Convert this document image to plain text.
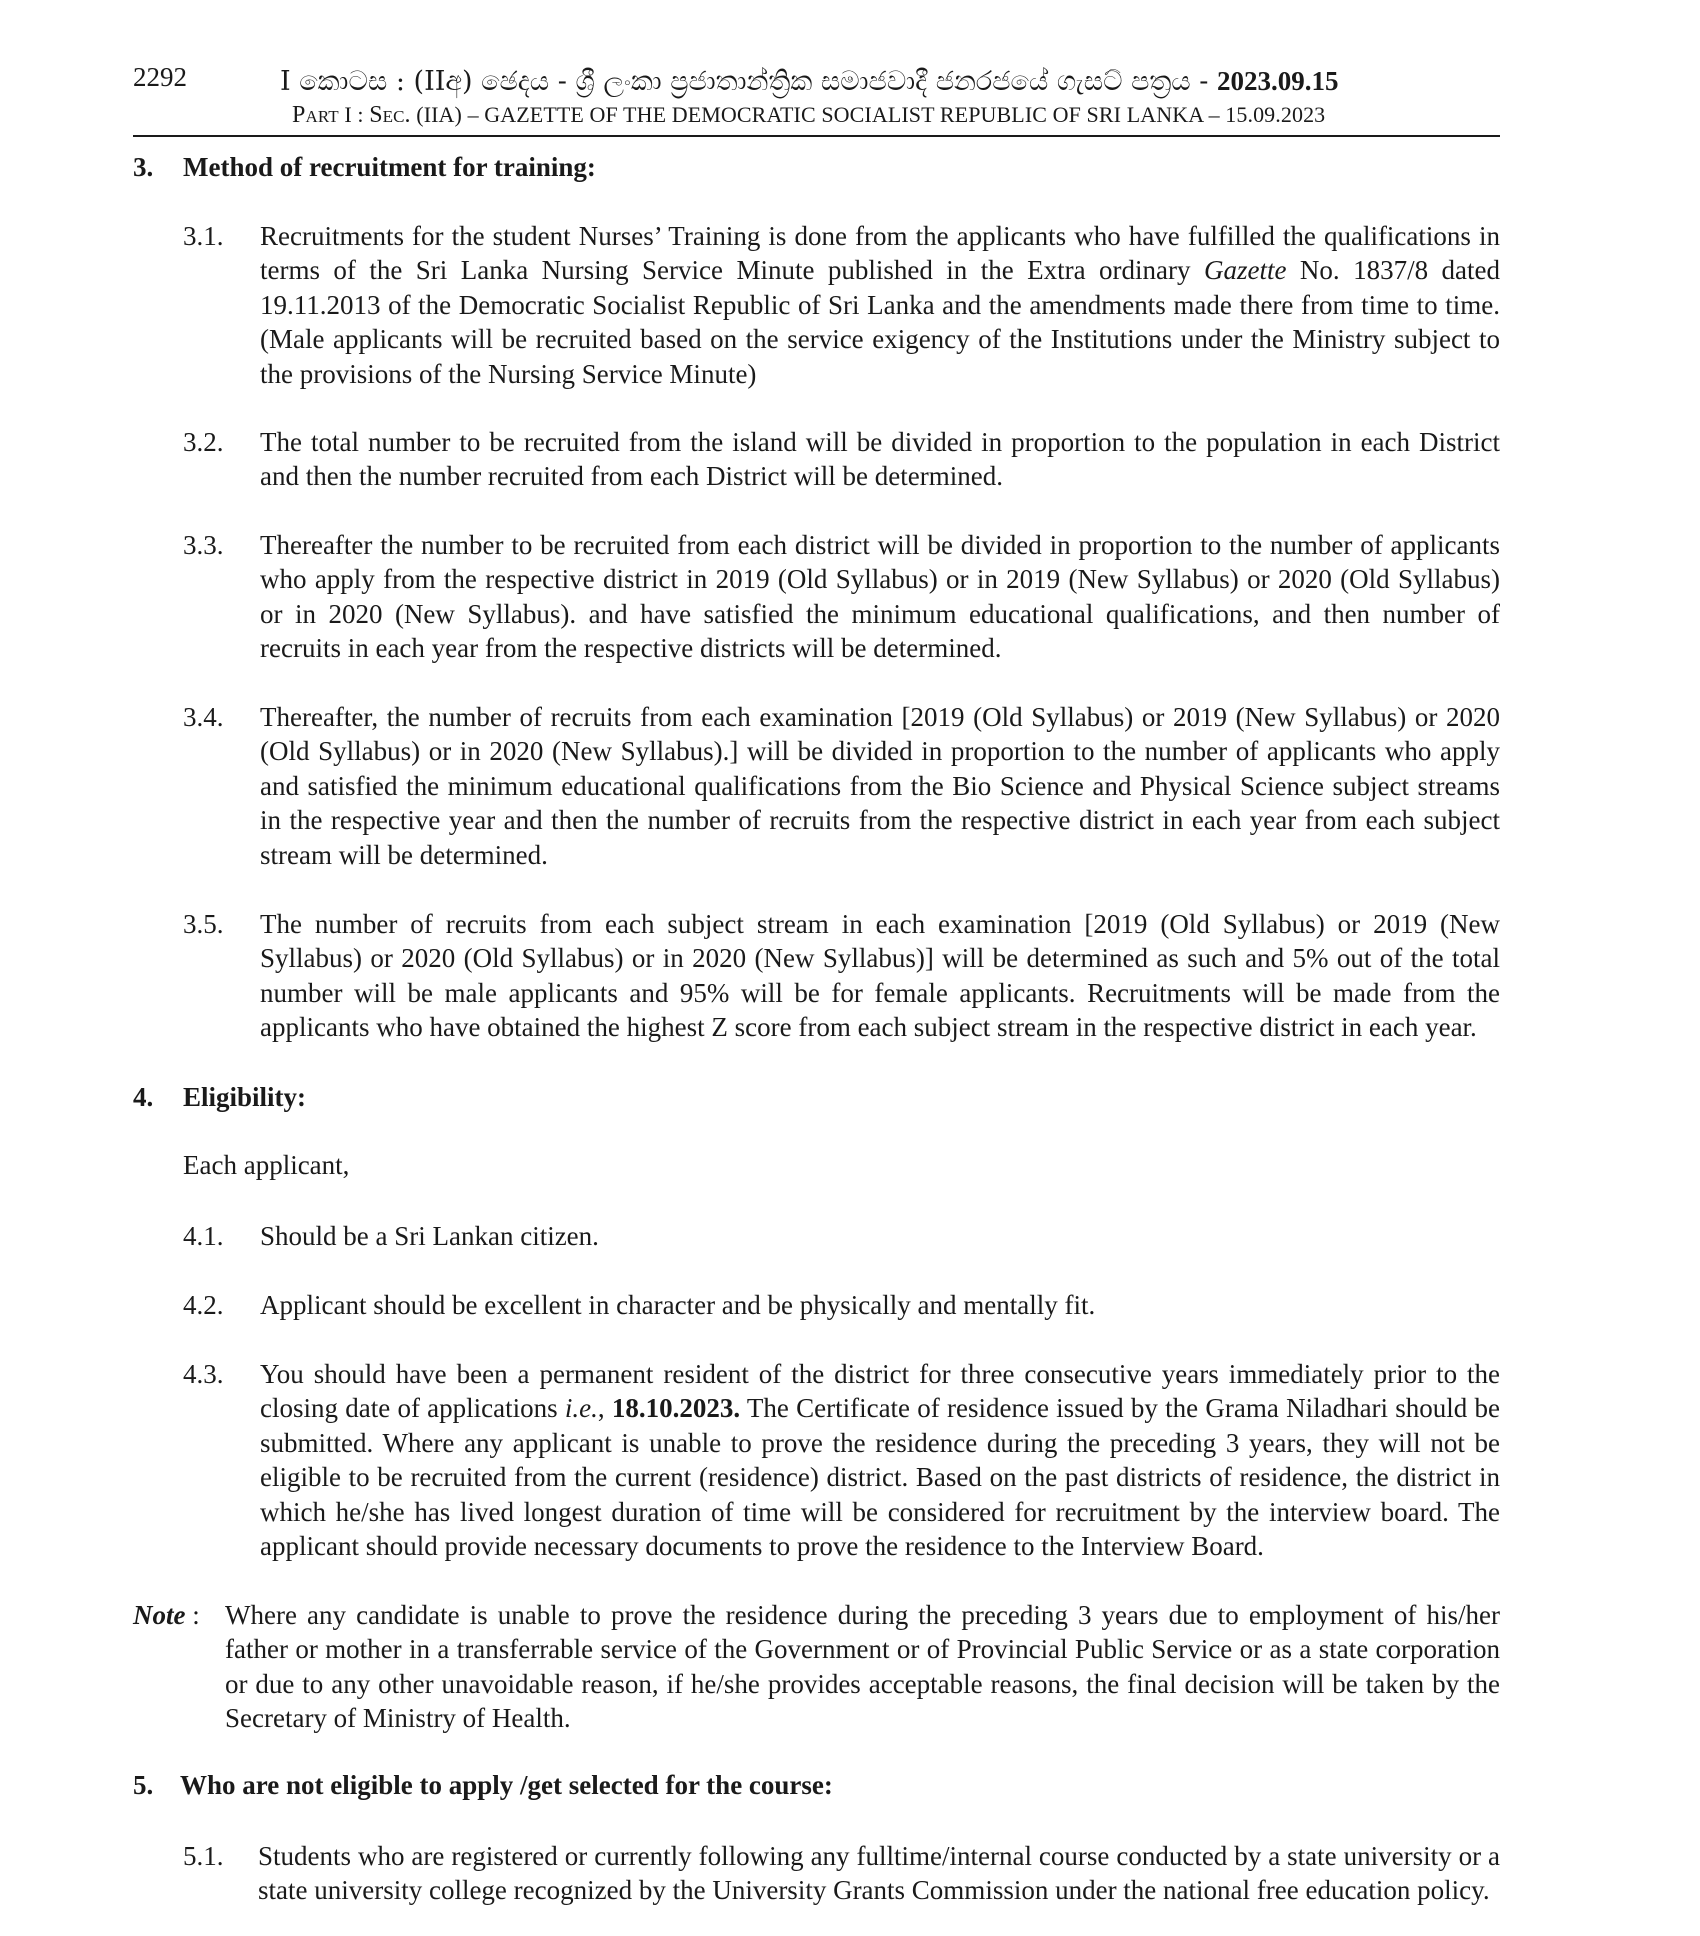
2292	I කොටස : (IIඅ) ඡෙදය - ශ්‍රී ලංකා ප්‍රජාතාන්ත්‍රික සමාජවාදී ජනරජයේ ගැසට් පත්‍රය - 2023.09.15
Part I : Sec. (IIA) – GAZETTE OF THE DEMOCRATIC SOCIALIST REPUBLIC OF SRI LANKA – 15.09.2023
3. Method of recruitment for training:
3.1. Recruitments for the student Nurses’ Training is done from the applicants who have fulfilled the qualifications in terms of the Sri Lanka Nursing Service Minute published in the Extra ordinary Gazette No. 1837/8 dated 19.11.2013 of the Democratic Socialist Republic of Sri Lanka and the amendments made there from time to time. (Male applicants will be recruited based on the service exigency of the Institutions under the Ministry subject to the provisions of the Nursing Service Minute)
3.2. The total number to be recruited from the island will be divided in proportion to the population in each District and then the number recruited from each District will be determined.
3.3. Thereafter the number to be recruited from each district will be divided in proportion to the number of applicants who apply from the respective district in 2019 (Old Syllabus) or in 2019 (New Syllabus) or 2020 (Old Syllabus) or in 2020 (New Syllabus). and have satisfied the minimum educational qualifications, and then number of recruits in each year from the respective districts will be determined.
3.4. Thereafter, the number of recruits from each examination [2019 (Old Syllabus) or 2019 (New Syllabus) or 2020 (Old Syllabus) or in 2020 (New Syllabus).] will be divided in proportion to the number of applicants who apply and satisfied the minimum educational qualifications from the Bio Science and Physical Science subject streams in the respective year and then the number of recruits from the respective district in each year from each subject stream will be determined.
3.5. The number of recruits from each subject stream in each examination [2019 (Old Syllabus) or 2019 (New Syllabus) or 2020 (Old Syllabus) or in 2020 (New Syllabus)] will be determined as such and 5% out of the total number will be male applicants and 95% will be for female applicants. Recruitments will be made from the applicants who have obtained the highest Z score from each subject stream in the respective district in each year.
4. Eligibility:
Each applicant,
4.1. Should be a Sri Lankan citizen.
4.2. Applicant should be excellent in character and be physically and mentally fit.
4.3. You should have been a permanent resident of the district for three consecutive years immediately prior to the closing date of applications i.e., 18.10.2023. The Certificate of residence issued by the Grama Niladhari should be submitted. Where any applicant is unable to prove the residence during the preceding 3 years, they will not be eligible to be recruited from the current (residence) district. Based on the past districts of residence, the district in which he/she has lived longest duration of time will be considered for recruitment by the interview board. The applicant should provide necessary documents to prove the residence to the Interview Board.
Note : Where any candidate is unable to prove the residence during the preceding 3 years due to employment of his/her father or mother in a transferrable service of the Government or of Provincial Public Service or as a state corporation or due to any other unavoidable reason, if he/she provides acceptable reasons, the final decision will be taken by the Secretary of Ministry of Health.
5. Who are not eligible to apply /get selected for the course:
5.1. Students who are registered or currently following any fulltime/internal course conducted by a state university or a state university college recognized by the University Grants Commission under the national free education policy.
